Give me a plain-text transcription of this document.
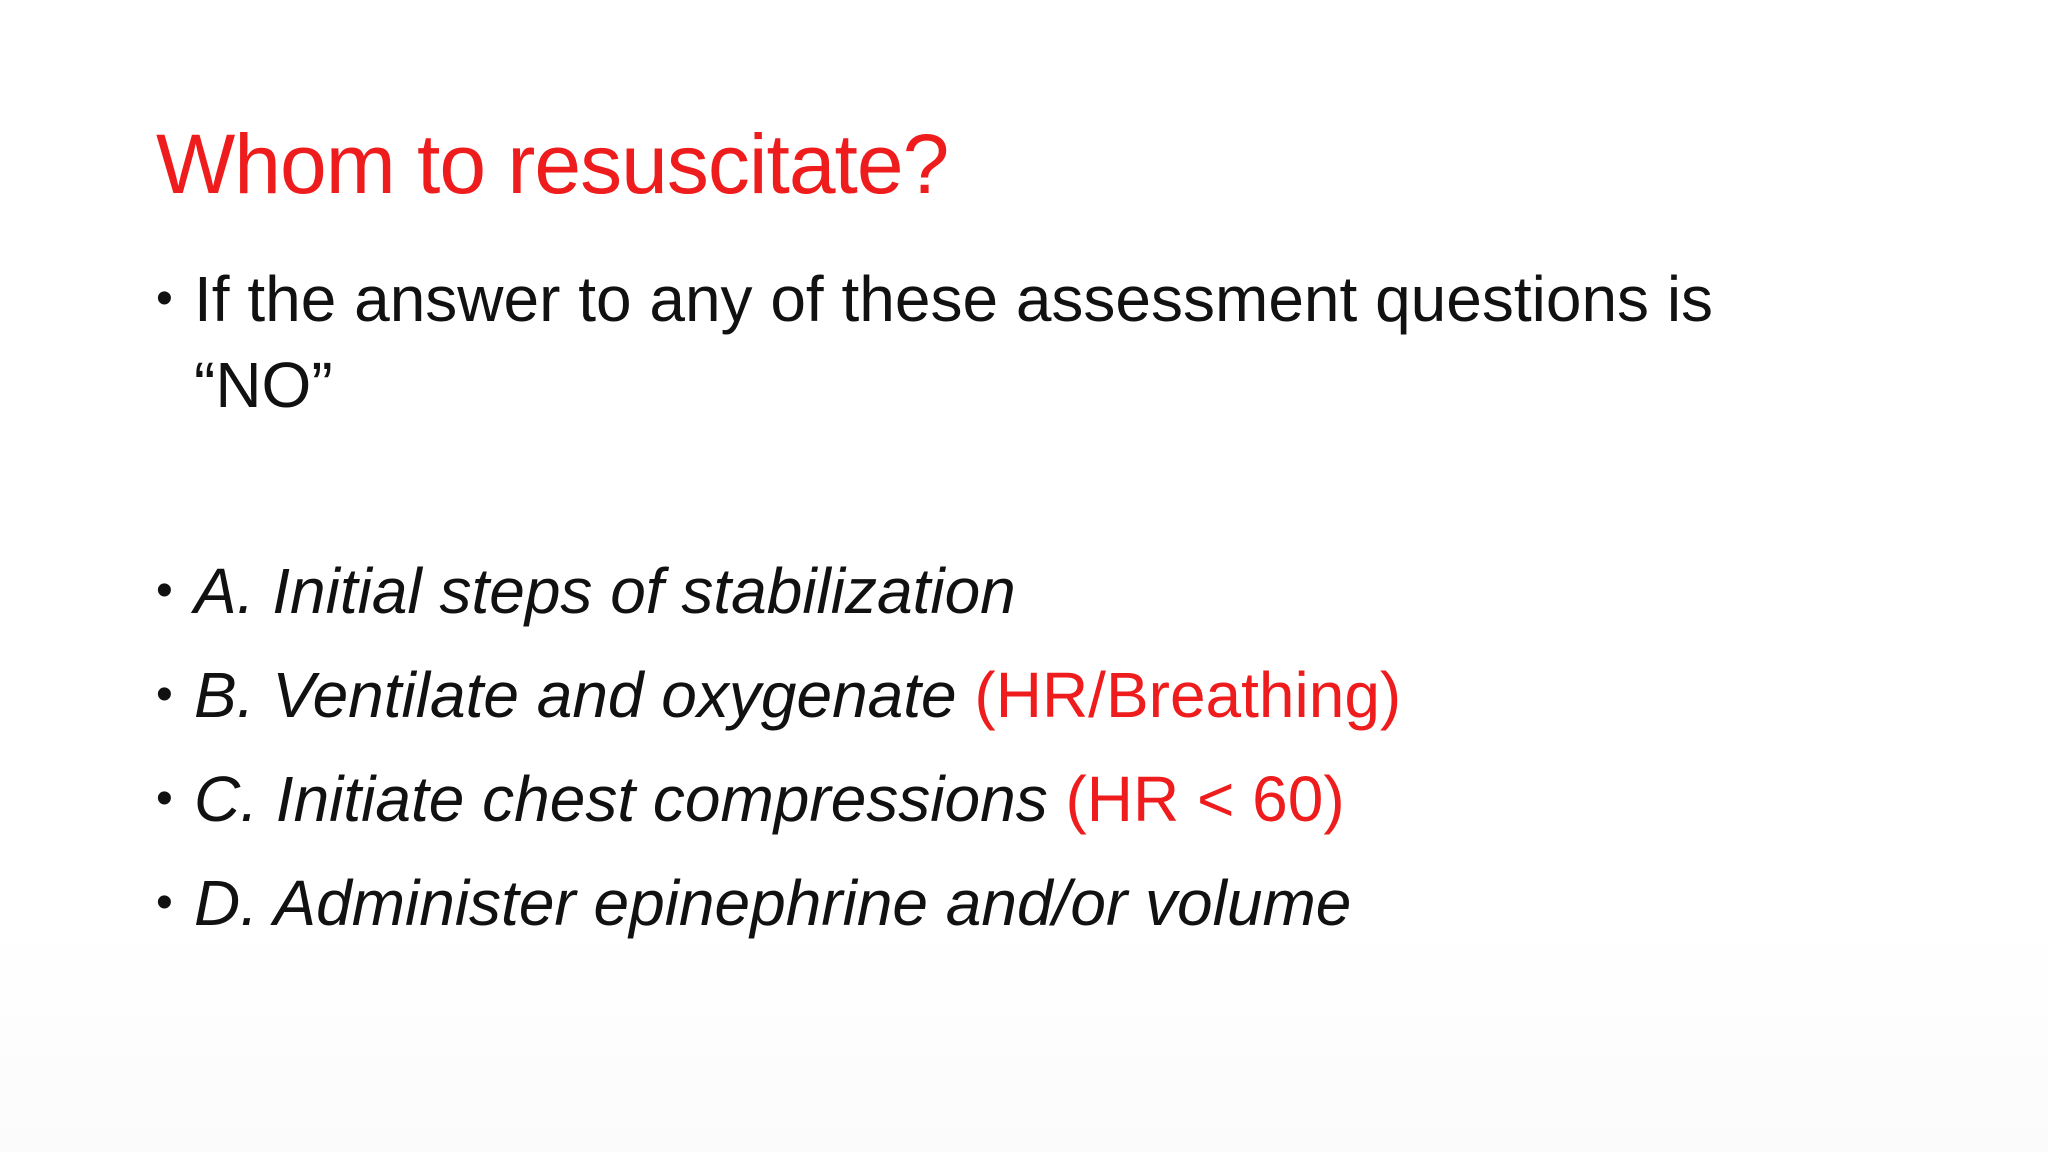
Whom to resuscitate?
• If the answer to any of these assessment questions is
“NO”
• A. Initial steps of stabilization
• B. Ventilate and oxygenate (HR/Breathing)
• C. Initiate chest compressions (HR < 60)
• D. Administer epinephrine and/or volume
